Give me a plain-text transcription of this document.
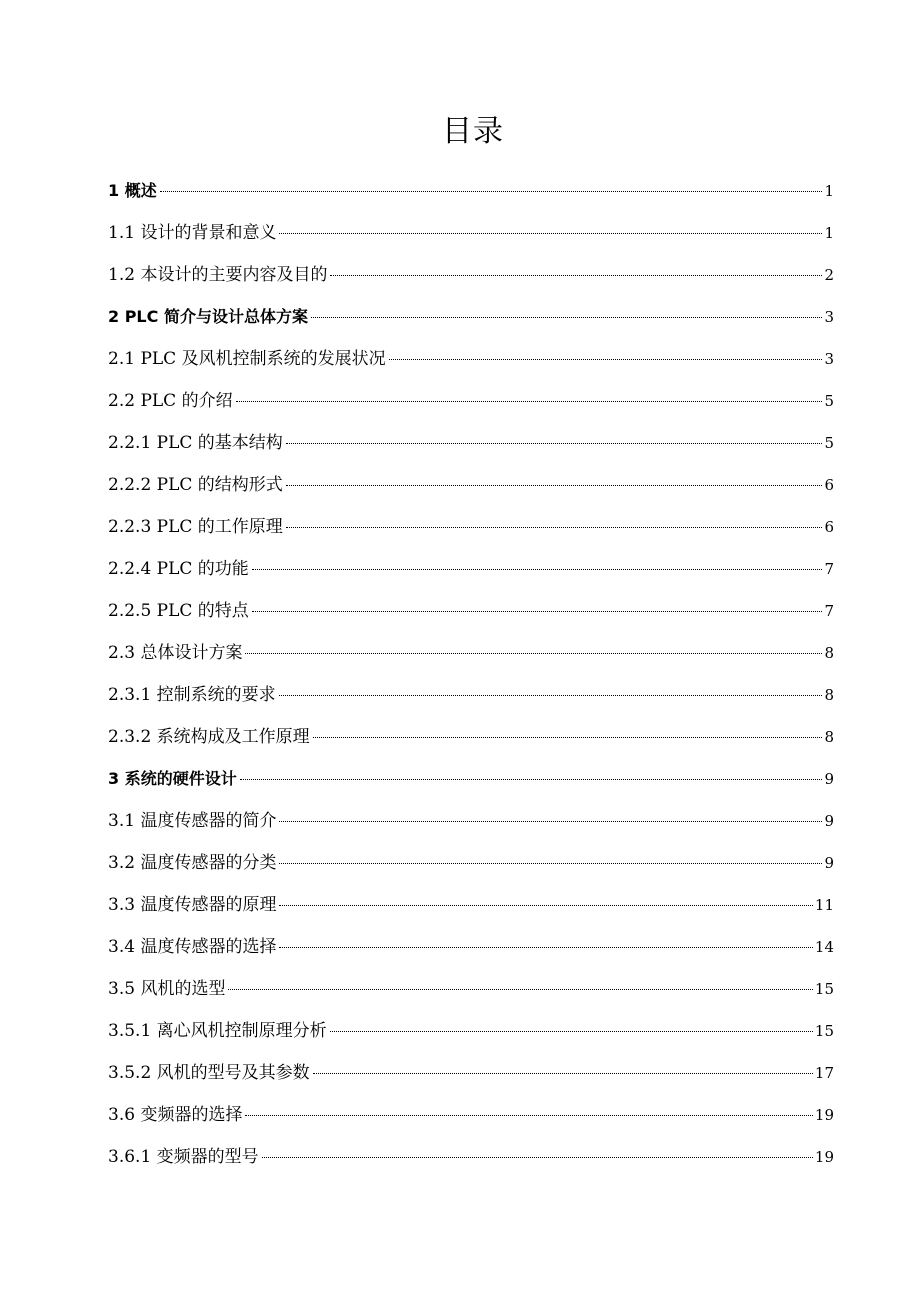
目录
1 概述	1
1.1 设计的背景和意义	1
1.2 本设计的主要内容及目的	2
2 PLC 简介与设计总体方案	3
2.1 PLC 及风机控制系统的发展状况	3
2.2 PLC 的介绍	5
2.2.1 PLC 的基本结构	5
2.2.2 PLC 的结构形式	6
2.2.3 PLC 的工作原理	6
2.2.4 PLC 的功能	7
2.2.5 PLC 的特点	7
2.3 总体设计方案	8
2.3.1 控制系统的要求	8
2.3.2 系统构成及工作原理	8
3 系统的硬件设计	9
3.1 温度传感器的简介	9
3.2 温度传感器的分类	9
3.3 温度传感器的原理	11
3.4 温度传感器的选择	14
3.5 风机的选型	15
3.5.1 离心风机控制原理分析	15
3.5.2 风机的型号及其参数	17
3.6 变频器的选择	19
3.6.1 变频器的型号	19
